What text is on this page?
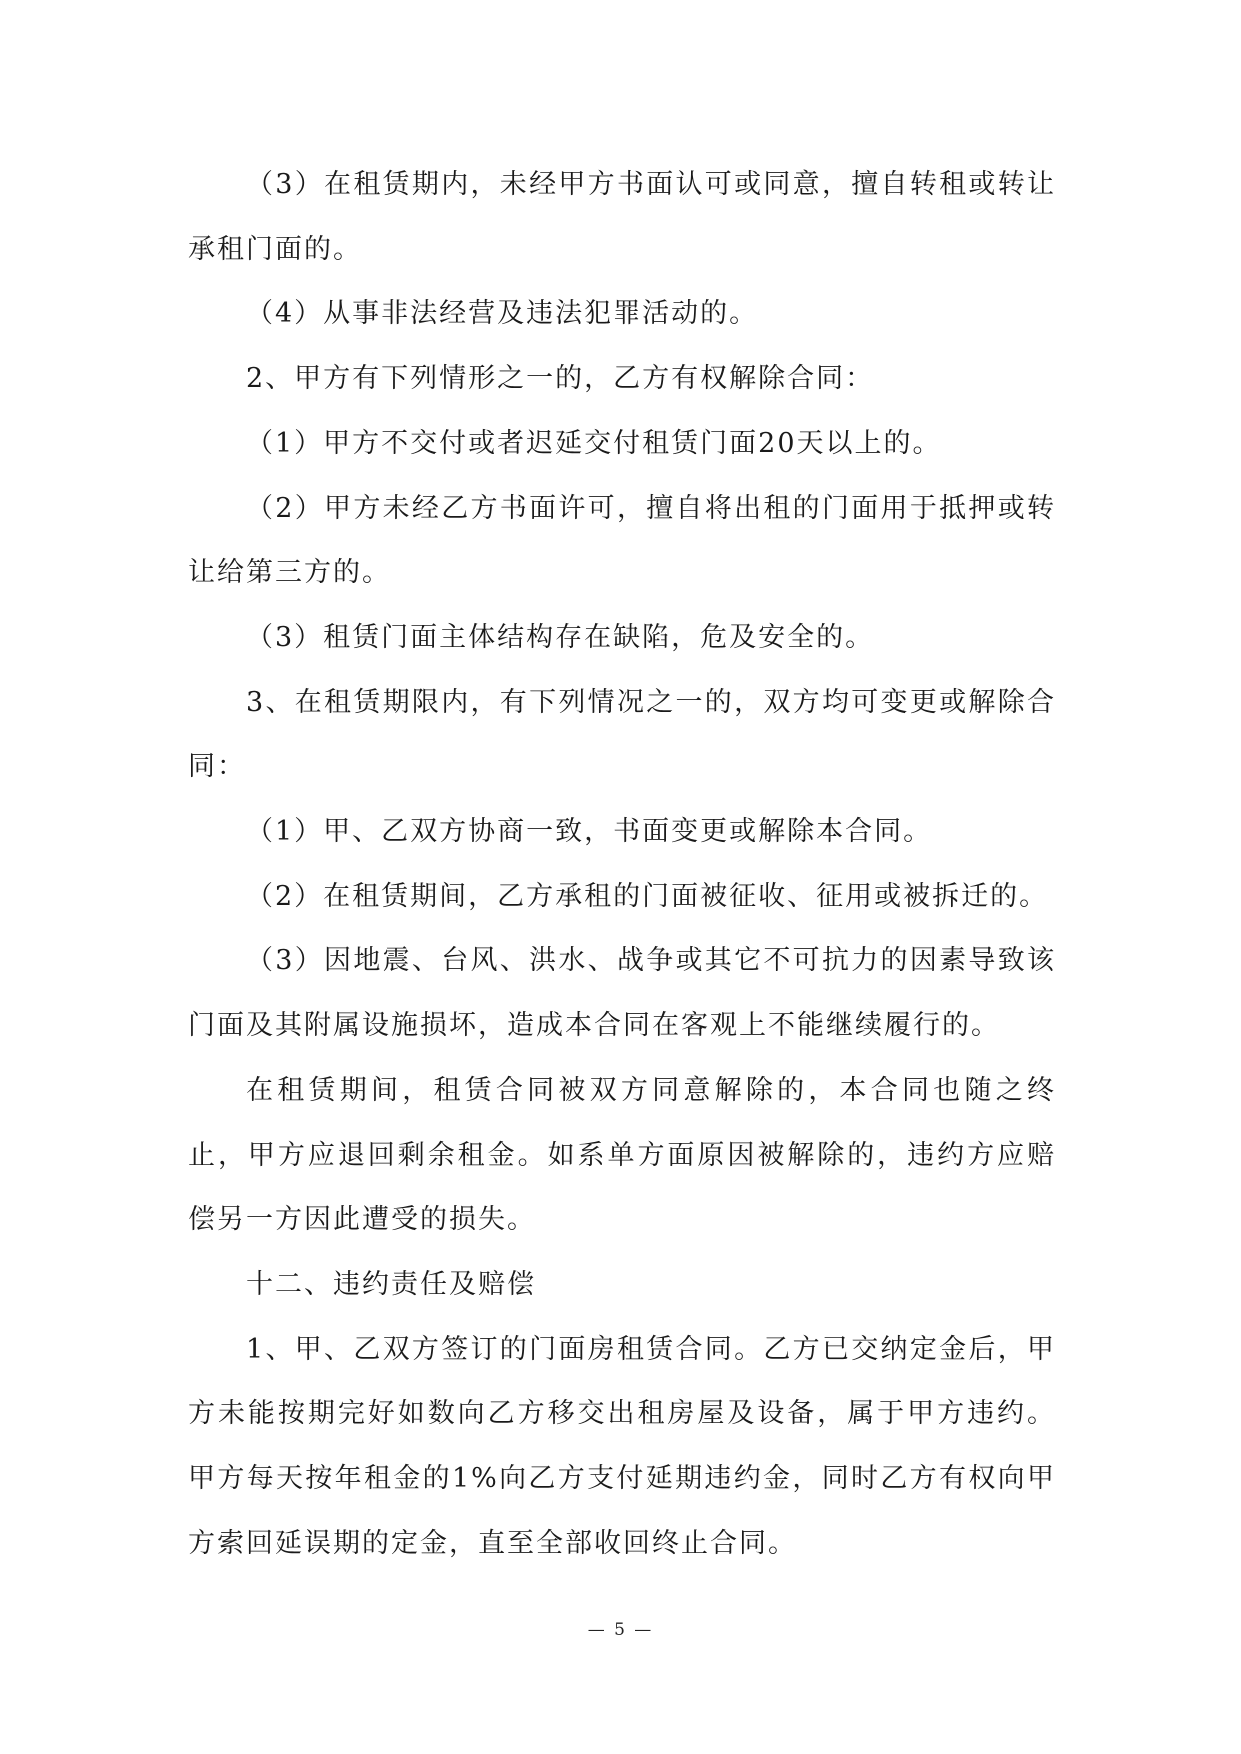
（3）在租赁期内，未经甲方书面认可或同意，擅自转租或转让承租门面的。

（4）从事非法经营及违法犯罪活动的。

2、甲方有下列情形之一的，乙方有权解除合同：

（1）甲方不交付或者迟延交付租赁门面20天以上的。

（2）甲方未经乙方书面许可，擅自将出租的门面用于抵押或转让给第三方的。

（3）租赁门面主体结构存在缺陷，危及安全的。

3、在租赁期限内，有下列情况之一的，双方均可变更或解除合同：

（1）甲、乙双方协商一致，书面变更或解除本合同。

（2）在租赁期间，乙方承租的门面被征收、征用或被拆迁的。

（3）因地震、台风、洪水、战争或其它不可抗力的因素导致该门面及其附属设施损坏，造成本合同在客观上不能继续履行的。

在租赁期间，租赁合同被双方同意解除的，本合同也随之终止，甲方应退回剩余租金。如系单方面原因被解除的，违约方应赔偿另一方因此遭受的损失。

十二、违约责任及赔偿

1、甲、乙双方签订的门面房租赁合同。乙方已交纳定金后，甲方未能按期完好如数向乙方移交出租房屋及设备，属于甲方违约。甲方每天按年租金的1%向乙方支付延期违约金，同时乙方有权向甲方索回延误期的定金，直至全部收回终止合同。

— 5 —
